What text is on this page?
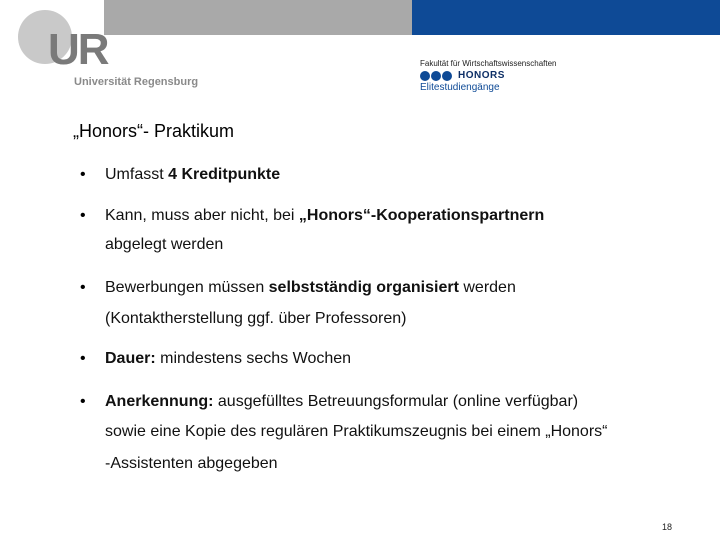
UR
Universität Regensburg
Fakultät für Wirtschaftswissenschaften
HONORS
Elitestudiengänge
„Honors“- Praktikum
• Umfasst 4 Kreditpunkte
• Kann, muss aber nicht, bei „Honors“-Kooperationspartnern
abgelegt werden
• Bewerbungen müssen selbstständig organisiert werden
(Kontaktherstellung ggf. über Professoren)
• Dauer: mindestens sechs Wochen
• Anerkennung: ausgefülltes Betreuungsformular (online verfügbar)
sowie eine Kopie des regulären Praktikumszeugnis bei einem „Honors“
-Assistenten abgegeben
18
